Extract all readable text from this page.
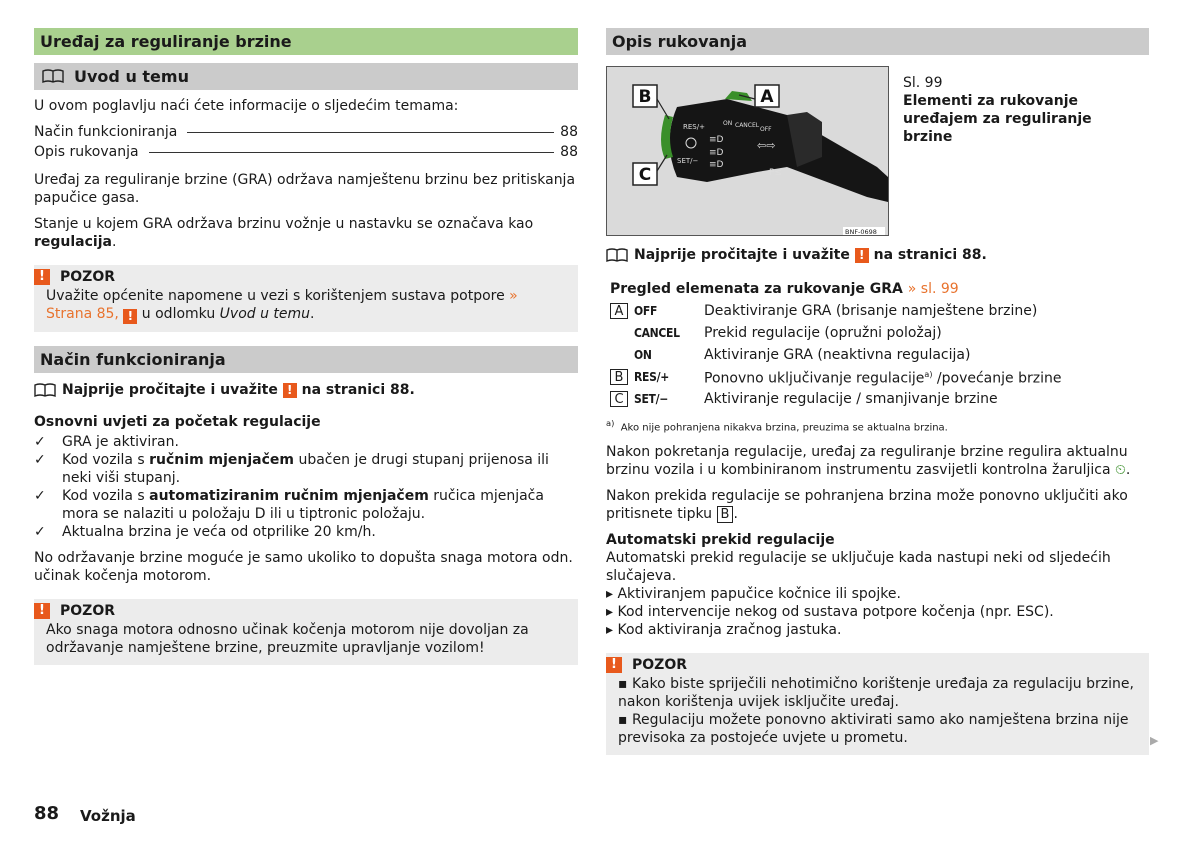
Uređaj za reguliranje brzine
Uvod u temu

U ovom poglavlju naći ćete informacije o sljedećim temama:

Način funkcioniranja	88
Opis rukovanja	88

Uređaj za reguliranje brzine (GRA) održava namještenu brzinu bez pritiskanja papučice gasa.

Stanje u kojem GRA održava brzinu vožnje u nastavku se označava kao regulacija.

!	POZOR

Uvažite općenite napomene u vezi s korištenjem sustava potpore » Strana 85, ! u odlomku Uvod u temu.

Način funkcioniranja

Najprije pročitajte i uvažite
!
na stranici 88.

Osnovni uvjeti za početak regulacije

✓ GRA je aktiviran.
✓ Kod vozila s ručnim mjenjačem ubačen je drugi stupanj prijenosa ili neki viši stupanj.
✓ Kod vozila s automatiziranim ručnim mjenjačem ručica mjenjača mora se nalaziti u položaju D ili u tiptronic položaju.
✓ Aktualna brzina je veća od otprilike 20 km/h.

No održavanje brzine moguće je samo ukoliko to dopušta snaga motora odn. učinak kočenja motorom.

!	POZOR

Ako snaga motora odnosno učinak kočenja motorom nije dovoljan za održavanje namještene brzine, preuzmite upravljanje vozilom!

Opis rukovanja
B	A
C
ON CANCEL
OFF
RES/+
SET/−
≡D
≡D
≡D
⇦⇨
P≤
BNF-0698

Sl. 99

Elementi za rukovanje uređajem za reguliranje brzine

Najprije pročitajte i uvažite
!
na stranici 88.

Pregled elemenata za rukovanje GRA » sl. 99

A OFF	Deaktiviranje GRA (brisanje namještene brzine)
CANCEL	Prekid regulacije (opružni položaj)
ON	Aktiviranje GRA (neaktivna regulacija)
B RES/+	Ponovno uključivanje regulacije$^{a)}$ /povećanje brzine
C SET/−	Aktiviranje regulacije / smanjivanje brzine

$^{a)}$ Ako nije pohranjena nikakva brzina, preuzima se aktualna brzina.

Nakon pokretanja regulacije, uređaj za reguliranje brzine regulira aktualnu brzinu vozila i u kombiniranom instrumentu zasvijetli kontrolna žaruljica ⏲.

Nakon prekida regulacije se pohranjena brzina može ponovno uključiti ako pritisnete tipku B .

Automatski prekid regulacije

Automatski prekid regulacije se uključuje kada nastupi neki od sljedećih slučajeva.

▸ Aktiviranjem papučice kočnice ili spojke.
▸ Kod intervencije nekog od sustava potpore kočenja (npr. ESC).
▸ Kod aktiviranja zračnog jastuka.
!	POZOR

▪ Kako biste spriječili nehotimično korištenje uređaja za regulaciju brzine, nakon korištenja uvijek isključite uređaj.

▪ Regulaciju možete ponovno aktivirati samo ako namještena brzina nije previsoka za postojeće uvjete u prometu.	▶
88 Vožnja
